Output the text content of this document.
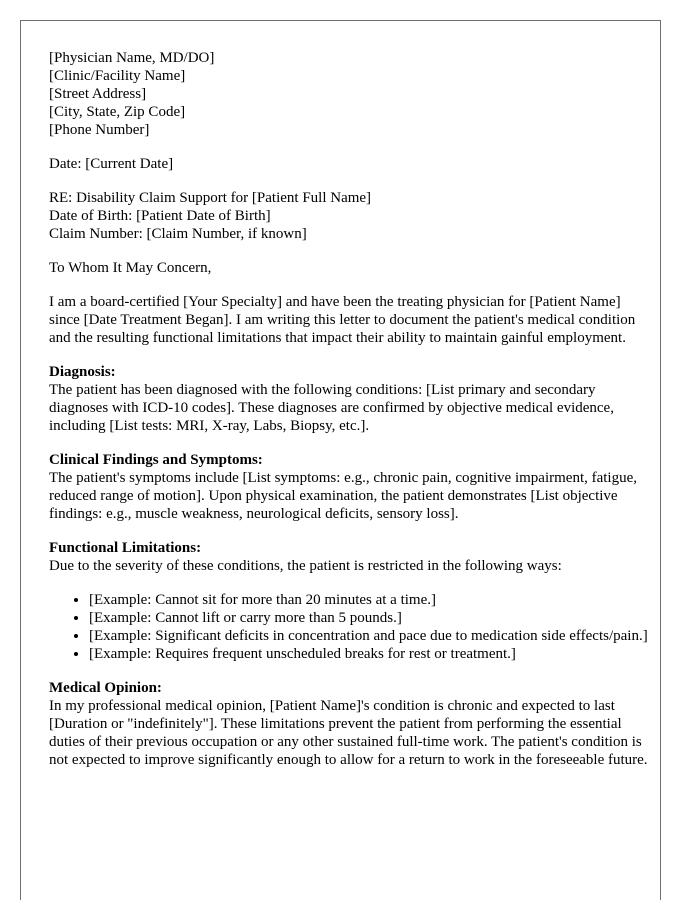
[Physician Name, MD/DO]
[Clinic/Facility Name]
[Street Address]
[City, State, Zip Code]
[Phone Number]

Date: [Current Date]

RE: Disability Claim Support for [Patient Full Name]
Date of Birth: [Patient Date of Birth]
Claim Number: [Claim Number, if known]

To Whom It May Concern,

I am a board-certified [Your Specialty] and have been the treating physician for [Patient Name] since [Date Treatment Began]. I am writing this letter to document the patient's medical condition and the resulting functional limitations that impact their ability to maintain gainful employment.

Diagnosis:
The patient has been diagnosed with the following conditions: [List primary and secondary diagnoses with ICD-10 codes]. These diagnoses are confirmed by objective medical evidence, including [List tests: MRI, X-ray, Labs, Biopsy, etc.].
Clinical Findings and Symptoms:
The patient's symptoms include [List symptoms: e.g., chronic pain, cognitive impairment, fatigue, reduced range of motion]. Upon physical examination, the patient demonstrates [List objective findings: e.g., muscle weakness, neurological deficits, sensory loss].
Functional Limitations:
Due to the severity of these conditions, the patient is restricted in the following ways:
• [Example: Cannot sit for more than 20 minutes at a time.]
• [Example: Cannot lift or carry more than 5 pounds.]
• [Example: Significant deficits in concentration and pace due to medication side effects/pain.]
• [Example: Requires frequent unscheduled breaks for rest or treatment.]
Medical Opinion:
In my professional medical opinion, [Patient Name]'s condition is chronic and expected to last [Duration or "indefinitely"]. These limitations prevent the patient from performing the essential duties of their previous occupation or any other sustained full-time work. The patient's condition is not expected to improve significantly enough to allow for a return to work in the foreseeable future.
